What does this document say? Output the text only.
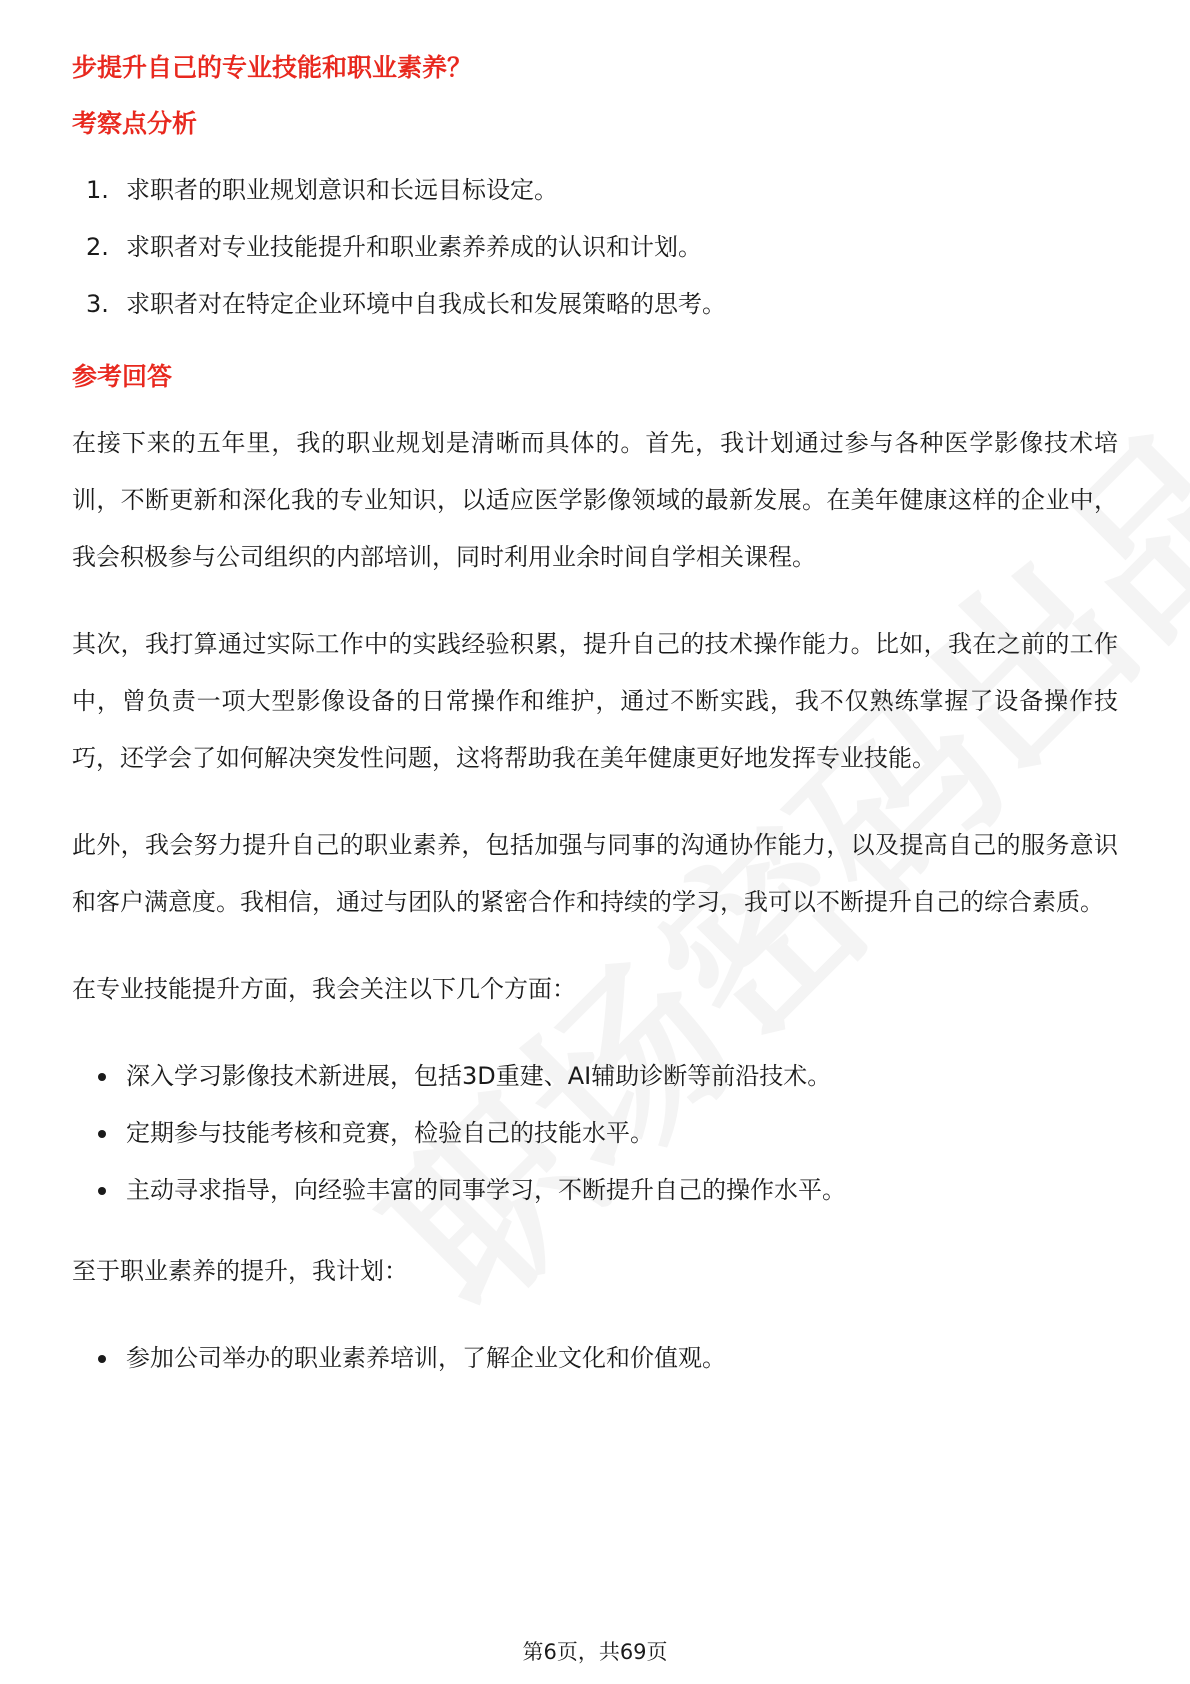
步提升自己的专业技能和职业素养？
考察点分析
1. 求职者的职业规划意识和长远目标设定。
2. 求职者对专业技能提升和职业素养养成的认识和计划。
3. 求职者对在特定企业环境中自我成长和发展策略的思考。
参考回答

在接下来的五年里，我的职业规划是清晰而具体的。首先，我计划通过参与各种医学影像技术培训，不断更新和深化我的专业知识，以适应医学影像领域的最新发展。在美年健康这样的企业中，我会积极参与公司组织的内部培训，同时利用业余时间自学相关课程。

其次，我打算通过实际工作中的实践经验积累，提升自己的技术操作能力。比如，我在之前的工作中，曾负责一项大型影像设备的日常操作和维护，通过不断实践，我不仅熟练掌握了设备操作技巧，还学会了如何解决突发性问题，这将帮助我在美年健康更好地发挥专业技能。

此外，我会努力提升自己的职业素养，包括加强与同事的沟通协作能力，以及提高自己的服务意识和客户满意度。我相信，通过与团队的紧密合作和持续的学习，我可以不断提升自己的综合素质。

在专业技能提升方面，我会关注以下几个方面：

深入学习影像技术新进展，包括3D重建、AI辅助诊断等前沿技术。
定期参与技能考核和竞赛，检验自己的技能水平。
主动寻求指导，向经验丰富的同事学习，不断提升自己的操作水平。

至于职业素养的提升，我计划：

参加公司举办的职业素养培训，了解企业文化和价值观。
第6页，共69页
